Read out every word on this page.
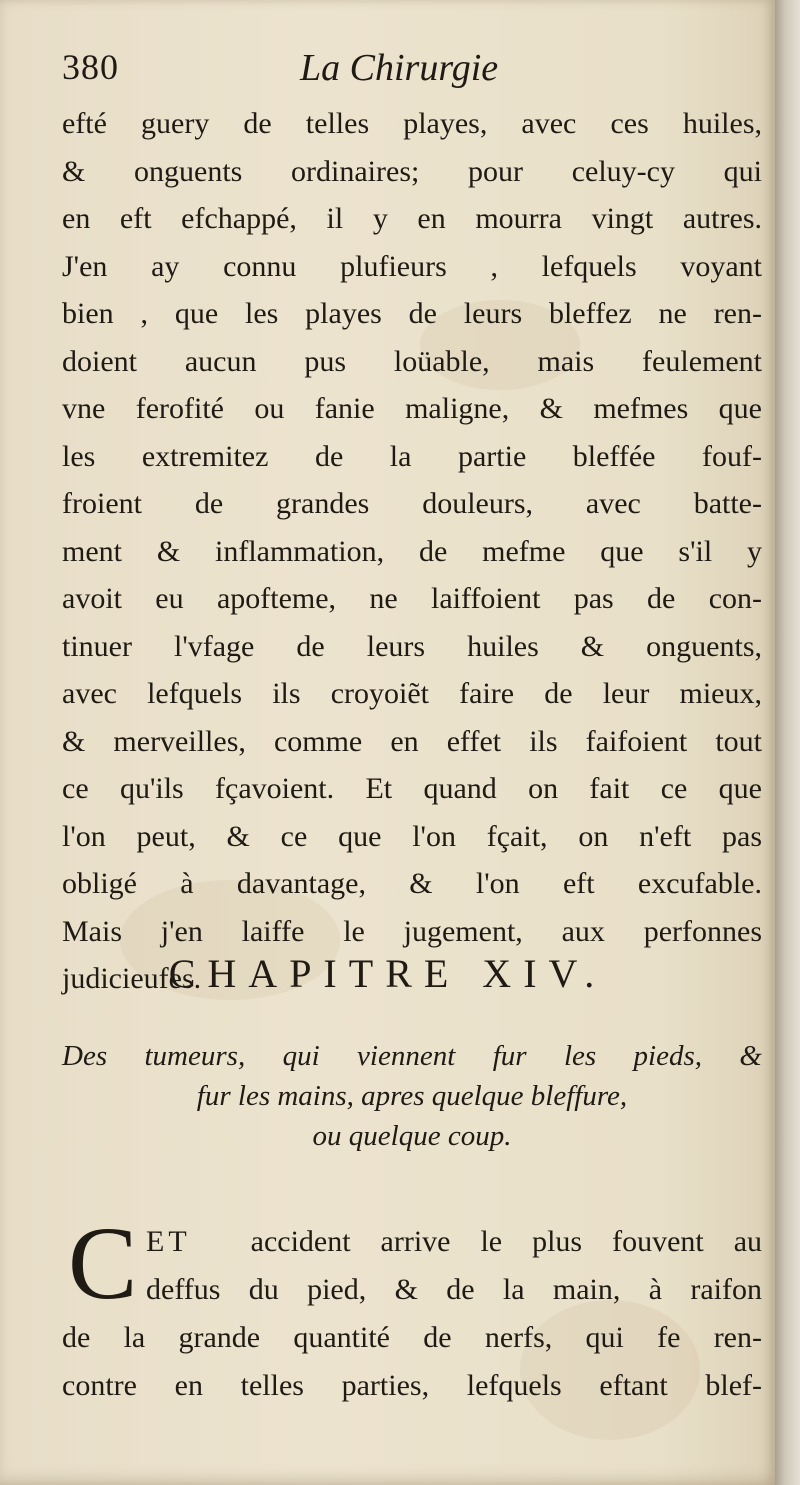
380	La Chirurgie
efté guery de telles playes, avec ces huiles,
& onguents ordinaires; pour celuy-cy qui
en eft efchappé, il y en mourra vingt autres.
J'en ay connu plufieurs , lefquels voyant
bien , que les playes de leurs bleffez ne ren-
doient aucun pus loüable, mais feulement
vne ferofité ou fanie maligne, & mefmes que
les extremitez de la partie bleffée fouf-
froient de grandes douleurs, avec batte-
ment & inflammation, de mefme que s'il y
avoit eu apofteme, ne laiffoient pas de con-
tinuer l'vfage de leurs huiles & onguents,
avec lefquels ils croyoiẽt faire de leur mieux,
& merveilles, comme en effet ils faifoient tout
ce qu'ils fçavoient. Et quand on fait ce que
l'on peut, & ce que l'on fçait, on n'eft pas
obligé à davantage, & l'on eft excufable.
Mais j'en laiffe le jugement, aux perfonnes
judicieufes.
CHAPITRE XIV.
Des tumeurs, qui viennent fur les pieds, &
fur les mains, apres quelque bleffure,
ou quelque coup.
C ET accident arrive le plus fouvent au
deffus du pied, & de la main, à raifon
de la grande quantité de nerfs, qui fe ren-
contre en telles parties, lefquels eftant blef-
